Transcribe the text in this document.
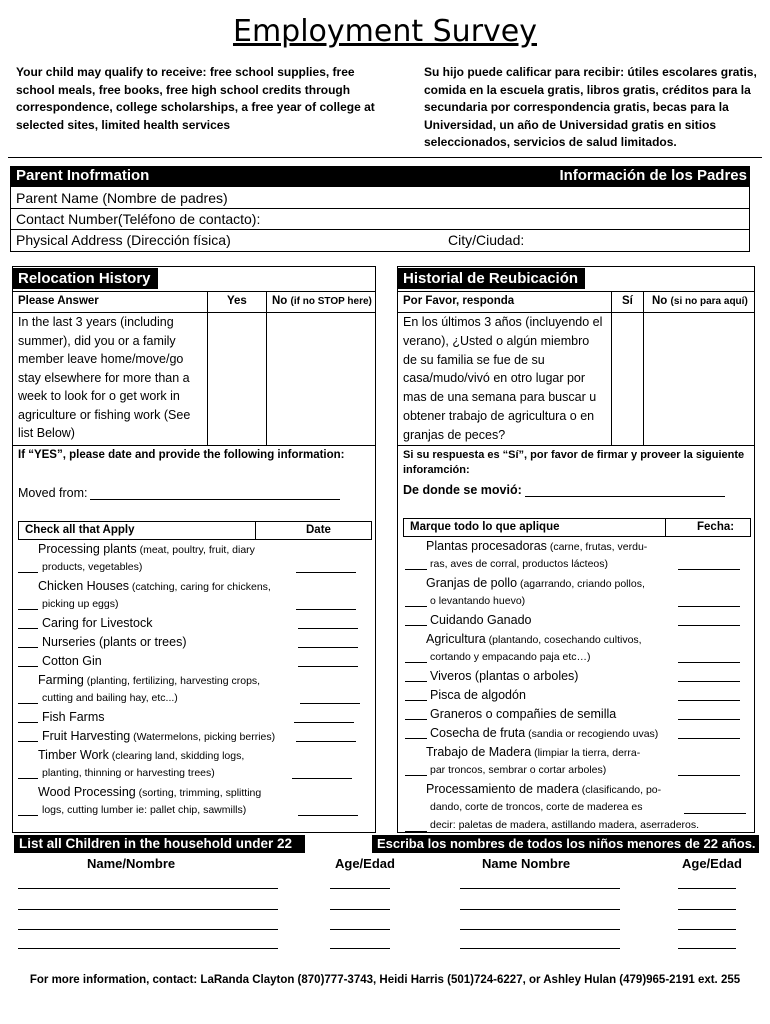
Employment Survey
Your child may qualify to receive: free school supplies, free school meals, free books, free high school credits through correspondence, college scholarships, a free year of college at selected sites, limited health services
Su hijo puede calificar para recibir: útiles escolares gratis, comida en la escuela gratis, libros gratis, créditos para la secundaria por correspondencia gratis, becas para la Universidad, un año de Universidad gratis en sitios seleccionados, servicios de salud limitados.
Parent Inofrmation	Información de los Padres
Parent Name (Nombre de padres)
Contact Number(Teléfono de contacto):
Physical Address (Dirección física)	City/Ciudad:
Relocation History
Please Answer	Yes No (if no STOP here)
In the last 3 years (including
summer), did you or a family
member leave home/move/go
stay elsewhere for more than a
week to look for o get work in
agriculture or fishing work (See
list Below)
If “YES”, please date and provide the following information:
Moved from:
Check all that Apply	Date
Processing plants (meat, poultry, fruit, diary
products, vegetables)
Chicken Houses (catching, caring for chickens,
picking up eggs)
Caring for Livestock
Nurseries (plants or trees)
Cotton Gin
Farming (planting, fertilizing, harvesting crops,
cutting and bailing hay, etc...)
Fish Farms
Fruit Harvesting (Watermelons, picking berries)
Timber Work (clearing land, skidding logs,
planting, thinning or harvesting trees)
Wood Processing (sorting, trimming, splitting
logs, cutting lumber ie: pallet chip, sawmills)
Historial de Reubicación
Por Favor, responda	Sí No (si no para aquí)
En los últimos 3 años (incluyendo el
verano), ¿Usted o algún miembro
de su familia se fue de su
casa/mudo/vivó en otro lugar por
mas de una semana para buscar u
obtener trabajo de agricultura o en
granjas de peces?
Si su respuesta es “Sí”, por favor de firmar y proveer la siguiente
inforamción:
De donde se movió:
Marque todo lo que aplique	Fecha:
Plantas procesadoras (carne, frutas, verdu-
ras, aves de corral, productos lácteos)
Granjas de pollo (agarrando, criando pollos,
o levantando huevo)
Cuidando Ganado
Agricultura (plantando, cosechando cultivos,
cortando y empacando paja etc…)
Viveros (plantas o arboles)
Pisca de algodón
Graneros o compañies de semilla
Cosecha de fruta (sandia or recogiendo uvas)
Trabajo de Madera (limpiar la tierra, derra-
par troncos, sembrar o cortar arboles)
Processamiento de madera (clasificando, po-
dando, corte de troncos, corte de maderea es
decir: paletas de madera, astillando madera, aserraderos.
List all Children in the household under 22	Escriba los nombres de todos los niños menores de 22 años.
Name/Nombre	Age/Edad	Name Nombre	Age/Edad
For more information, contact: LaRanda Clayton (870)777-3743, Heidi Harris (501)724-6227, or Ashley Hulan (479)965-2191 ext. 255
